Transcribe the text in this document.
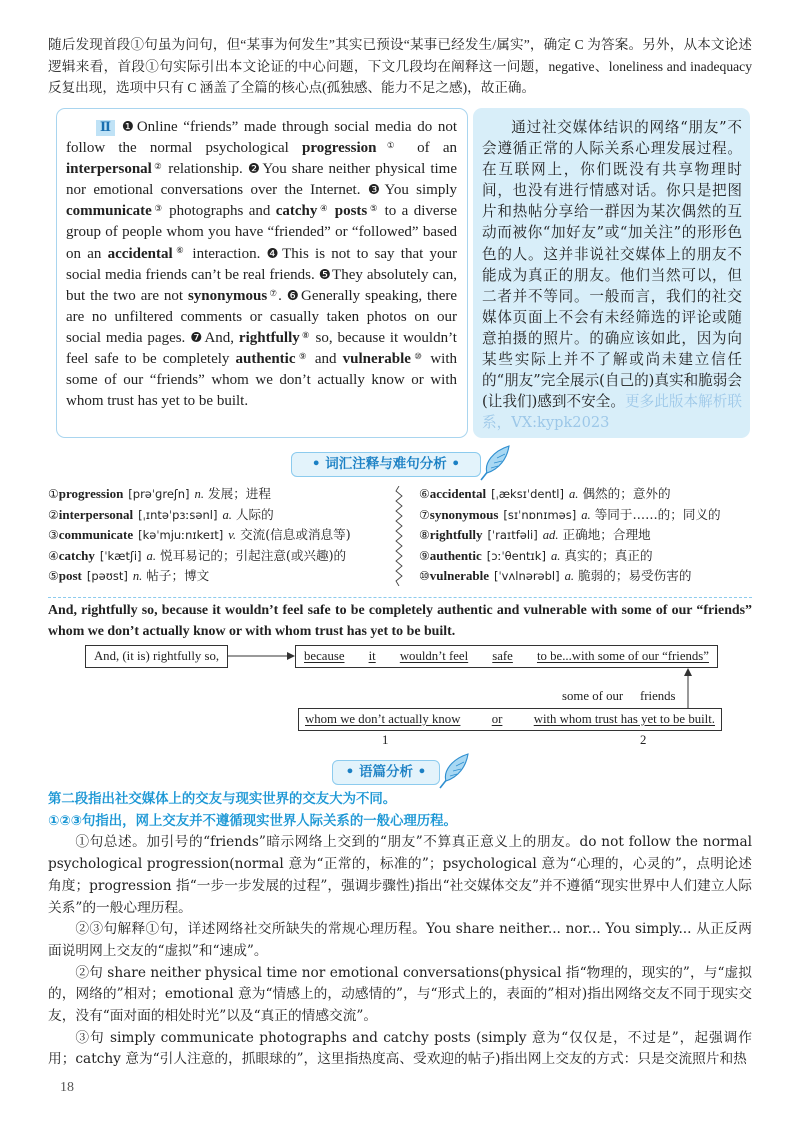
随后发现首段①句虽为问句，但“某事为何发生”其实已预设“某事已经发生/属实”，确定 C 为答案。另外，从本文论述逻辑来看，首段①句实际引出本文论证的中心问题，下文几段均在阐释这一问题，negative、loneliness and inadequacy 反复出现，选项中只有 C 涵盖了全篇的核心点(孤独感、能力不足之感)，故正确。

Ⅱ ❶Online “friends” made through social media do not follow the normal psychological progression① of an interpersonal② relationship. ❷You share neither physical time nor emotional conversations over the Internet. ❸You simply communicate③ photographs and catchy④ posts⑤ to a diverse group of people whom you have “friended” or “followed” based on an accidental⑥ interaction. ❹This is not to say that your social media friends can’t be real friends. ❺They absolutely can, but the two are not synonymous⑦. ❻Generally speaking, there are no unfiltered comments or casually taken photos on our social media pages. ❼And, rightfully⑧ so, because it wouldn’t feel safe to be completely authentic⑨ and vulnerable⑩ with some of our “friends” whom we don’t actually know or with whom trust has yet to be built.
通过社交媒体结识的网络“朋友”不会遵循正常的人际关系心理发展过程。在互联网上，你们既没有共享物理时间，也没有进行情感对话。你只是把图片和热帖分享给一群因为某次偶然的互动而被你“加好友”或“加关注”的形形色色的人。这并非说社交媒体上的朋友不能成为真正的朋友。他们当然可以，但二者并不等同。一般而言，我们的社交媒体页面上不会有未经筛选的评论或随意拍摄的照片。的确应该如此，因为向某些实际上并不了解或尚未建立信任的“朋友”完全展示(自己的)真实和脆弱会(让我们)感到不安全。更多此版本解析联系，VX:kypk2023
• 词汇注释与难句分析 •
①progression [prəˈɡreʃn] n. 发展；进程
②interpersonal [ˌɪntəˈpɜːsənl] a. 人际的
③communicate [kəˈmjuːnɪkeɪt] v. 交流(信息或消息等)
④catchy [ˈkætʃi] a. 悦耳易记的；引起注意(或兴趣)的
⑤post [pəʊst] n. 帖子；博文
⑥accidental [ˌæksɪˈdentl] a. 偶然的；意外的
⑦synonymous [sɪˈnɒnɪməs] a. 等同于……的；同义的
⑧rightfully [ˈraɪtfəli] ad. 正确地；合理地
⑨authentic [ɔːˈθentɪk] a. 真实的；真正的
⑩vulnerable [ˈvʌlnərəbl] a. 脆弱的；易受伤害的

And, rightfully so, because it wouldn’t feel safe to be completely authentic and vulnerable with some of our “friends” whom we don’t actually know or with whom trust has yet to be built.

And, (it is) rightfully so,	because it wouldn’t feel safe to be...with some of our “friends”
some of our friends
whom we don’t actually know or with whom trust has yet to be built.
1	2
• 语篇分析 •

第二段指出社交媒体上的交友与现实世界的交友大为不同。

①②③句指出，网上交友并不遵循现实世界人际关系的一般心理历程。

①句总述。加引号的“friends”暗示网络上交到的“朋友”不算真正意义上的朋友。do not follow the normal psychological progression(normal 意为“正常的，标准的”；psychological 意为“心理的，心灵的”，点明论述角度；progression 指“一步一步发展的过程”，强调步骤性)指出“社交媒体交友”并不遵循“现实世界中人们建立人际关系”的一般心理历程。

②③句解释①句，详述网络社交所缺失的常规心理历程。You share neither... nor... You simply... 从正反两面说明网上交友的“虚拟”和“速成”。

②句 share neither physical time nor emotional conversations(physical 指“物理的，现实的”，与“虚拟的，网络的”相对；emotional 意为“情感上的，动感情的”，与“形式上的，表面的”相对)指出网络交友不同于现实交友，没有“面对面的相处时光”以及“真正的情感交流”。

③句 simply communicate photographs and catchy posts (simply 意为“仅仅是，不过是”，起强调作用；catchy 意为“引人注意的，抓眼球的”，这里指热度高、受欢迎的帖子)指出网上交友的方式：只是交流照片和热

18
